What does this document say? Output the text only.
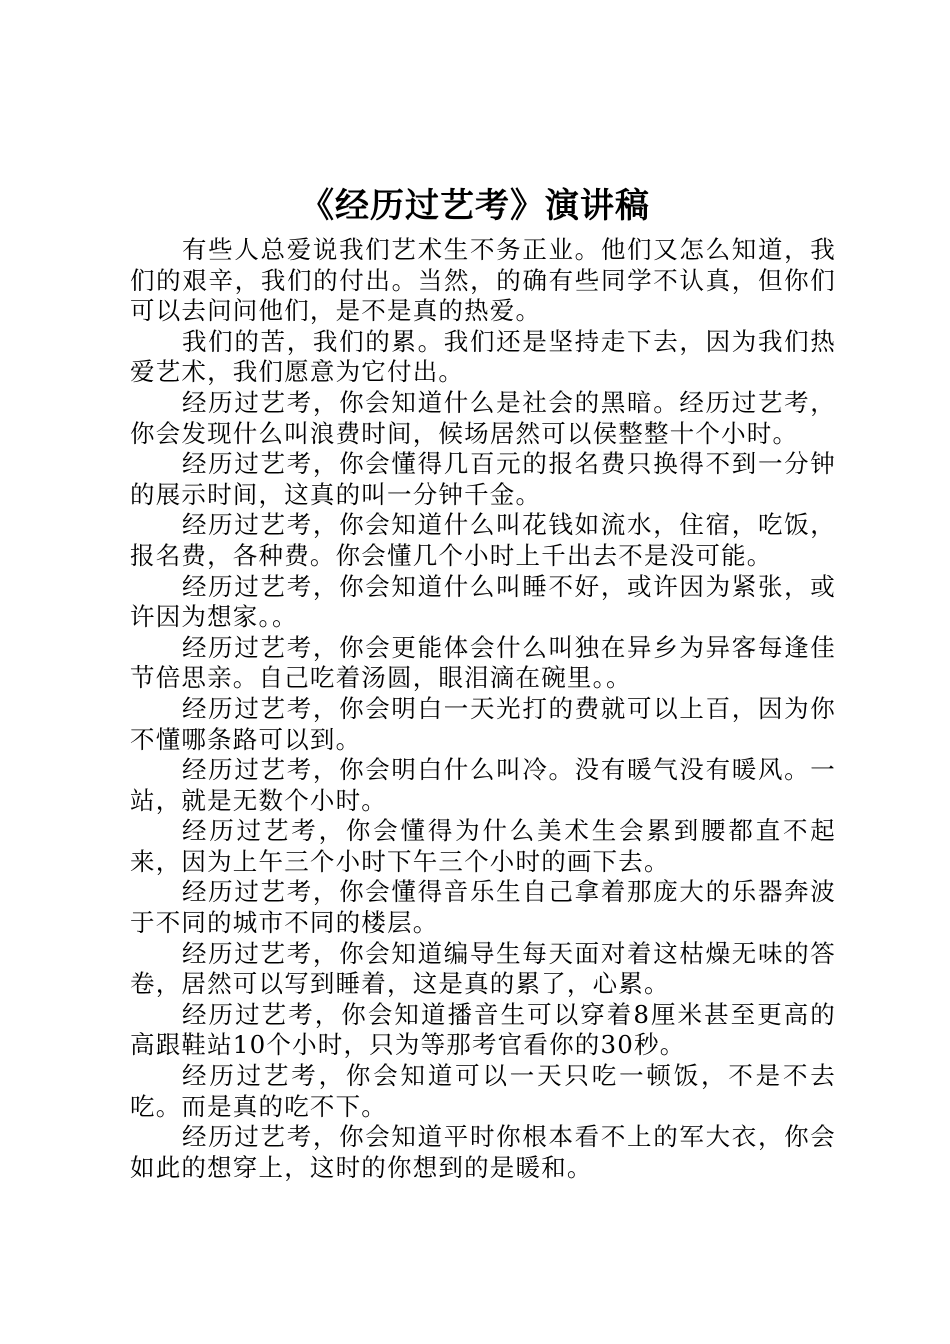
《经历过艺考》演讲稿

有些人总爱说我们艺术生不务正业。他们又怎么知道，我们的艰辛，我们的付出。当然，的确有些同学不认真，但你们可以去问问他们，是不是真的热爱。

我们的苦，我们的累。我们还是坚持走下去，因为我们热爱艺术，我们愿意为它付出。

经历过艺考，你会知道什么是社会的黑暗。经历过艺考，你会发现什么叫浪费时间，候场居然可以侯整整十个小时。

经历过艺考，你会懂得几百元的报名费只换得不到一分钟的展示时间，这真的叫一分钟千金。

经历过艺考，你会知道什么叫花钱如流水，住宿，吃饭，报名费，各种费。你会懂几个小时上千出去不是没可能。

经历过艺考，你会知道什么叫睡不好，或许因为紧张，或许因为想家。。

经历过艺考，你会更能体会什么叫独在异乡为异客每逢佳节倍思亲。自己吃着汤圆，眼泪滴在碗里。。

经历过艺考，你会明白一天光打的费就可以上百，因为你不懂哪条路可以到。

经历过艺考，你会明白什么叫冷。没有暖气没有暖风。一站，就是无数个小时。

经历过艺考，你会懂得为什么美术生会累到腰都直不起来，因为上午三个小时下午三个小时的画下去。

经历过艺考，你会懂得音乐生自己拿着那庞大的乐器奔波于不同的城市不同的楼层。

经历过艺考，你会知道编导生每天面对着这枯燥无味的答卷，居然可以写到睡着，这是真的累了，心累。

经历过艺考，你会知道播音生可以穿着8厘米甚至更高的高跟鞋站10个小时，只为等那考官看你的30秒。

经历过艺考，你会知道可以一天只吃一顿饭，不是不去吃。而是真的吃不下。

经历过艺考，你会知道平时你根本看不上的军大衣，你会如此的想穿上，这时的你想到的是暖和。
